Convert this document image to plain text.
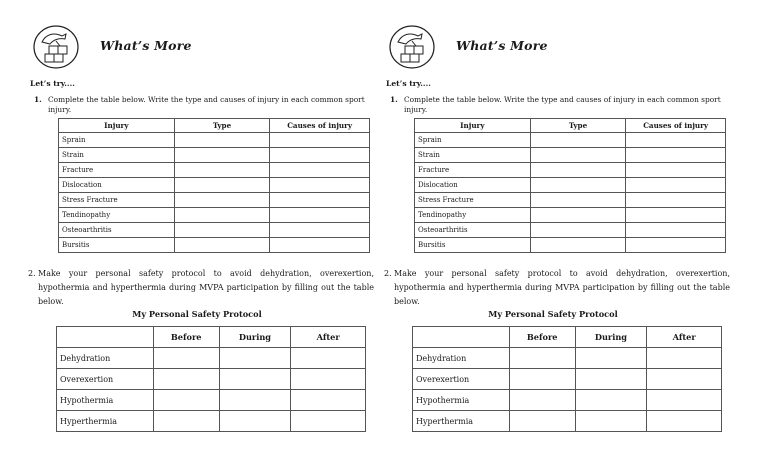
What’s More
Let’s try....
1. Complete the table below. Write the type and causes of injury in each common sport injury.
Injury	Type	Causes of injury
Sprain		
Strain		
Fracture		
Dislocation		
Stress Fracture		
Tendinopathy		
Osteoarthritis		
Bursitis		
2. Make your personal safety protocol to avoid dehydration, overexertion, hypothermia and hyperthermia during MVPA participation by filling out the table below.
My Personal Safety Protocol
	Before	During	After
Dehydration			
Overexertion			
Hypothermia			
Hyperthermia			
What’s More
Let’s try....
1. Complete the table below. Write the type and causes of injury in each common sport injury.
Injury	Type	Causes of injury
Sprain		
Strain		
Fracture		
Dislocation		
Stress Fracture		
Tendinopathy		
Osteoarthritis		
Bursitis		
2. Make your personal safety protocol to avoid dehydration, overexertion, hypothermia and hyperthermia during MVPA participation by filling out the table below.
My Personal Safety Protocol
	Before	During	After
Dehydration			
Overexertion			
Hypothermia			
Hyperthermia			
